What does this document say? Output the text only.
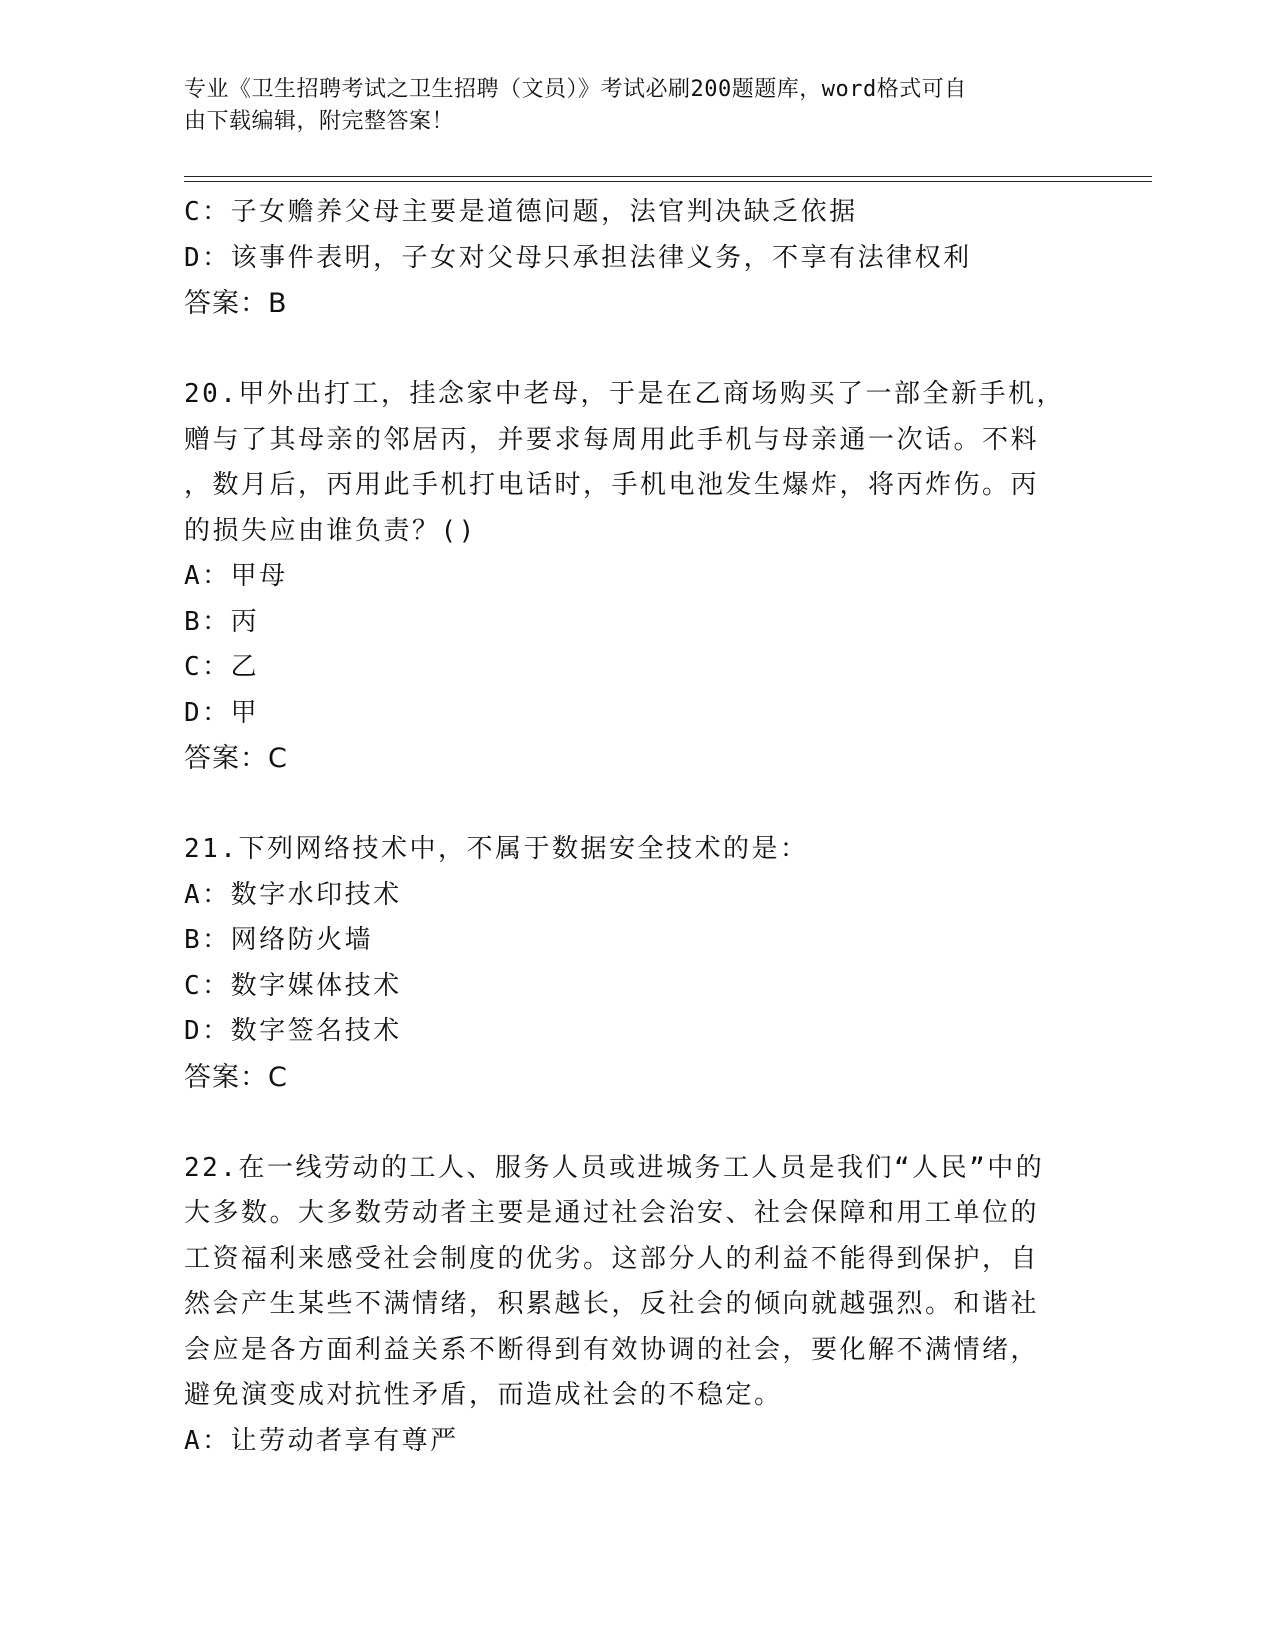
专业《卫生招聘考试之卫生招聘（文员）》考试必刷200题题库，word格式可自
由下载编辑，附完整答案！
C：子女赡养父母主要是道德问题，法官判决缺乏依据
D：该事件表明，子女对父母只承担法律义务，不享有法律权利
答案：B
20.甲外出打工，挂念家中老母，于是在乙商场购买了一部全新手机，
赠与了其母亲的邻居丙，并要求每周用此手机与母亲通一次话。不料
，数月后，丙用此手机打电话时，手机电池发生爆炸，将丙炸伤。丙
的损失应由谁负责？()
A：甲母
B：丙
C：乙
D：甲
答案：C
21.下列网络技术中，不属于数据安全技术的是：
A：数字水印技术
B：网络防火墙
C：数字媒体技术
D：数字签名技术
答案：C
22.在一线劳动的工人、服务人员或进城务工人员是我们“人民”中的
大多数。大多数劳动者主要是通过社会治安、社会保障和用工单位的
工资福利来感受社会制度的优劣。这部分人的利益不能得到保护，自
然会产生某些不满情绪，积累越长，反社会的倾向就越强烈。和谐社
会应是各方面利益关系不断得到有效协调的社会，要化解不满情绪，
避免演变成对抗性矛盾，而造成社会的不稳定。
A：让劳动者享有尊严
